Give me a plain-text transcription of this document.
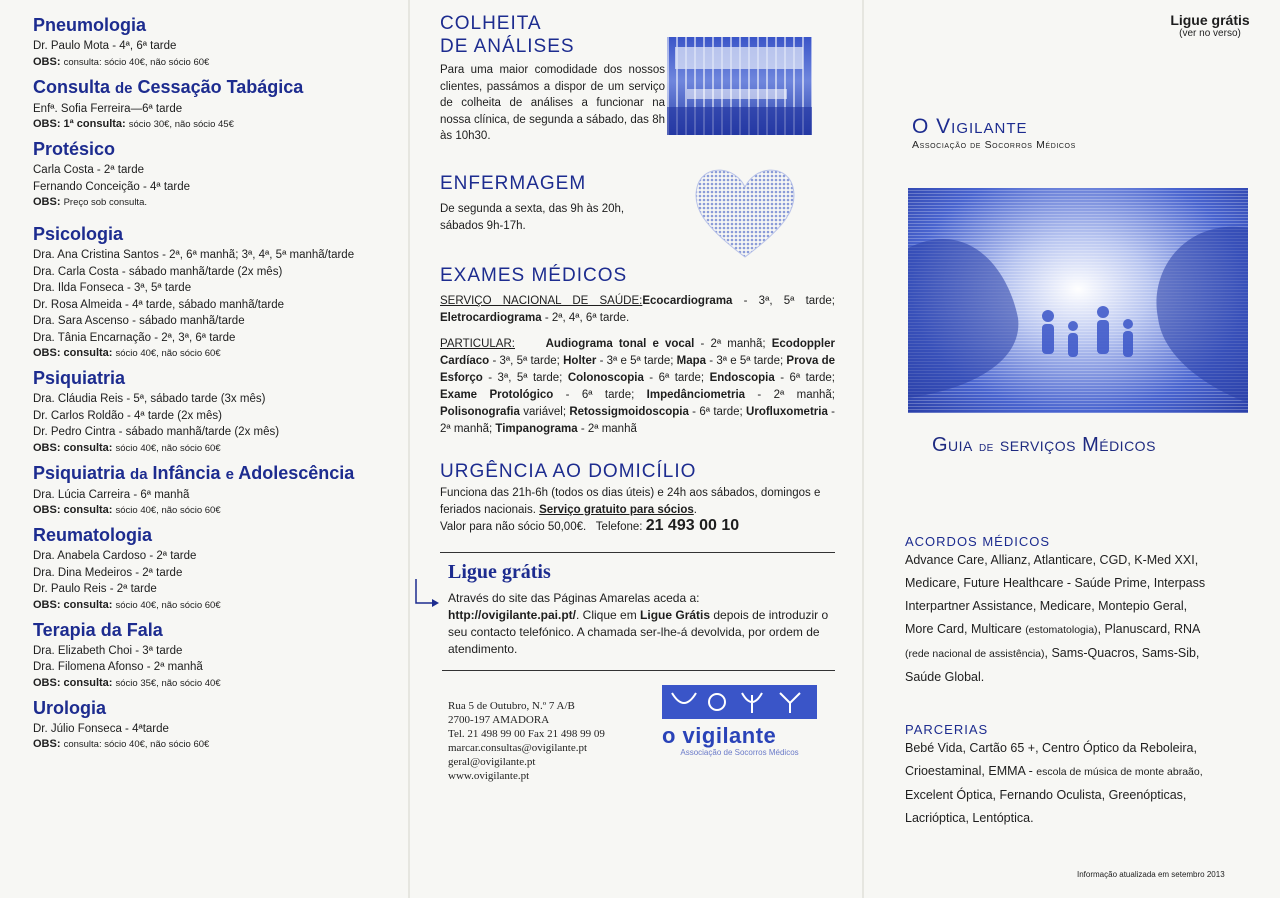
Pneumologia
Dr. Paulo Mota - 4ª, 6ª tarde
OBS: consulta: sócio 40€, não sócio 60€
Consulta de Cessação Tabágica
Enfª. Sofia Ferreira—6ª tarde
OBS: 1ª consulta: sócio 30€, não sócio 45€
Protésico
Carla Costa - 2ª tarde
Fernando Conceição - 4ª tarde
OBS: Preço sob consulta.
Psicologia
Dra. Ana Cristina Santos - 2ª, 6ª manhã; 3ª, 4ª, 5ª manhã/tarde
Dra. Carla Costa - sábado manhã/tarde (2x mês)
Dra. Ilda Fonseca - 3ª, 5ª tarde
Dr. Rosa Almeida - 4ª tarde, sábado manhã/tarde
Dra. Sara Ascenso - sábado manhã/tarde
Dra. Tânia Encarnação - 2ª, 3ª, 6ª tarde
OBS: consulta: sócio 40€, não sócio 60€
Psiquiatria
Dra. Cláudia Reis - 5ª, sábado tarde (3x mês)
Dr. Carlos Roldão - 4ª tarde (2x mês)
Dr. Pedro Cintra - sábado manhã/tarde (2x mês)
OBS: consulta: sócio 40€, não sócio 60€
Psiquiatria da Infância e Adolescência
Dra. Lúcia Carreira - 6ª manhã
OBS: consulta: sócio 40€, não sócio 60€
Reumatologia
Dra. Anabela Cardoso - 2ª tarde
Dra. Dina Medeiros - 2ª tarde
Dr. Paulo Reis - 2ª tarde
OBS: consulta: sócio 40€, não sócio 60€
Terapia da Fala
Dra. Elizabeth Choi - 3ª tarde
Dra. Filomena Afonso - 2ª manhã
OBS: consulta: sócio 35€, não sócio 40€
Urologia
Dr. Júlio Fonseca - 4ªtarde
OBS: consulta: sócio 40€, não sócio 60€
COLHEITA
DE ANÁLISES
Para uma maior comodidade dos nossos clientes, passámos a dispor de um serviço de colheita de análises a funcionar na nossa clínica, de segunda a sábado, das 8h às 10h30.
ENFERMAGEM
De segunda a sexta, das 9h às 20h, sábados 9h-17h.
EXAMES MÉDICOS
SERVIÇO NACIONAL DE SAÚDE:Ecocardiograma - 3ª, 5ª tarde; Eletrocardiograma - 2ª, 4ª, 6ª tarde.
PARTICULAR:	Audiograma tonal e vocal - 2ª manhã; Ecodoppler Cardíaco - 3ª, 5ª tarde; Holter - 3ª e 5ª tarde; Mapa - 3ª e 5ª tarde; Prova de Esforço - 3ª, 5ª tarde; Colonoscopia - 6ª tarde; Endoscopia - 6ª tarde; Exame Protológico - 6ª tarde; Impedânciometria - 2ª manhã; Polisonografia variável; Retossigmoidoscopia - 6ª tarde; Urofluxometria - 2ª manhã; Timpanograma - 2ª manhã
URGÊNCIA AO DOMICÍLIO
Funciona das 21h-6h (todos os dias úteis) e 24h aos sábados, domingos e feriados nacionais. Serviço gratuito para sócios.
Valor para não sócio 50,00€. Telefone: 21 493 00 10
Ligue grátis
Através do site das Páginas Amarelas aceda a:
http://ovigilante.pai.pt/. Clique em Ligue Grátis depois de introduzir o seu contacto telefónico. A chamada ser-lhe-á devolvida, por ordem de atendimento.
Rua 5 de Outubro, N.º 7 A/B
2700-197 AMADORA
Tel. 21 498 99 00 Fax 21 498 99 09
marcar.consultas@ovigilante.pt
geral@ovigilante.pt
www.ovigilante.pt
o vigilante
Associação de Socorros Médicos
Ligue grátis
(ver no verso)
O Vigilante
Associação de Socorros Médicos
Guia de serviços Médicos
ACORDOS MÉDICOS
Advance Care, Allianz, Atlanticare, CGD, K-Med XXI,
Medicare, Future Healthcare - Saúde Prime, Interpass
Interpartner Assistance, Medicare, Montepio Geral,
More Card, Multicare (estomatologia), Planuscard, RNA
(rede nacional de assistência), Sams-Quacros, Sams-Sib,
Saúde Global.
PARCERIAS
Bebé Vida, Cartão 65 +, Centro Óptico da Reboleira,
Crioestaminal, EMMA - escola de música de monte abraão,
Excelent Óptica, Fernando Oculista, Greenópticas,
Lacrióptica, Lentóptica.
Informação atualizada em setembro 2013
